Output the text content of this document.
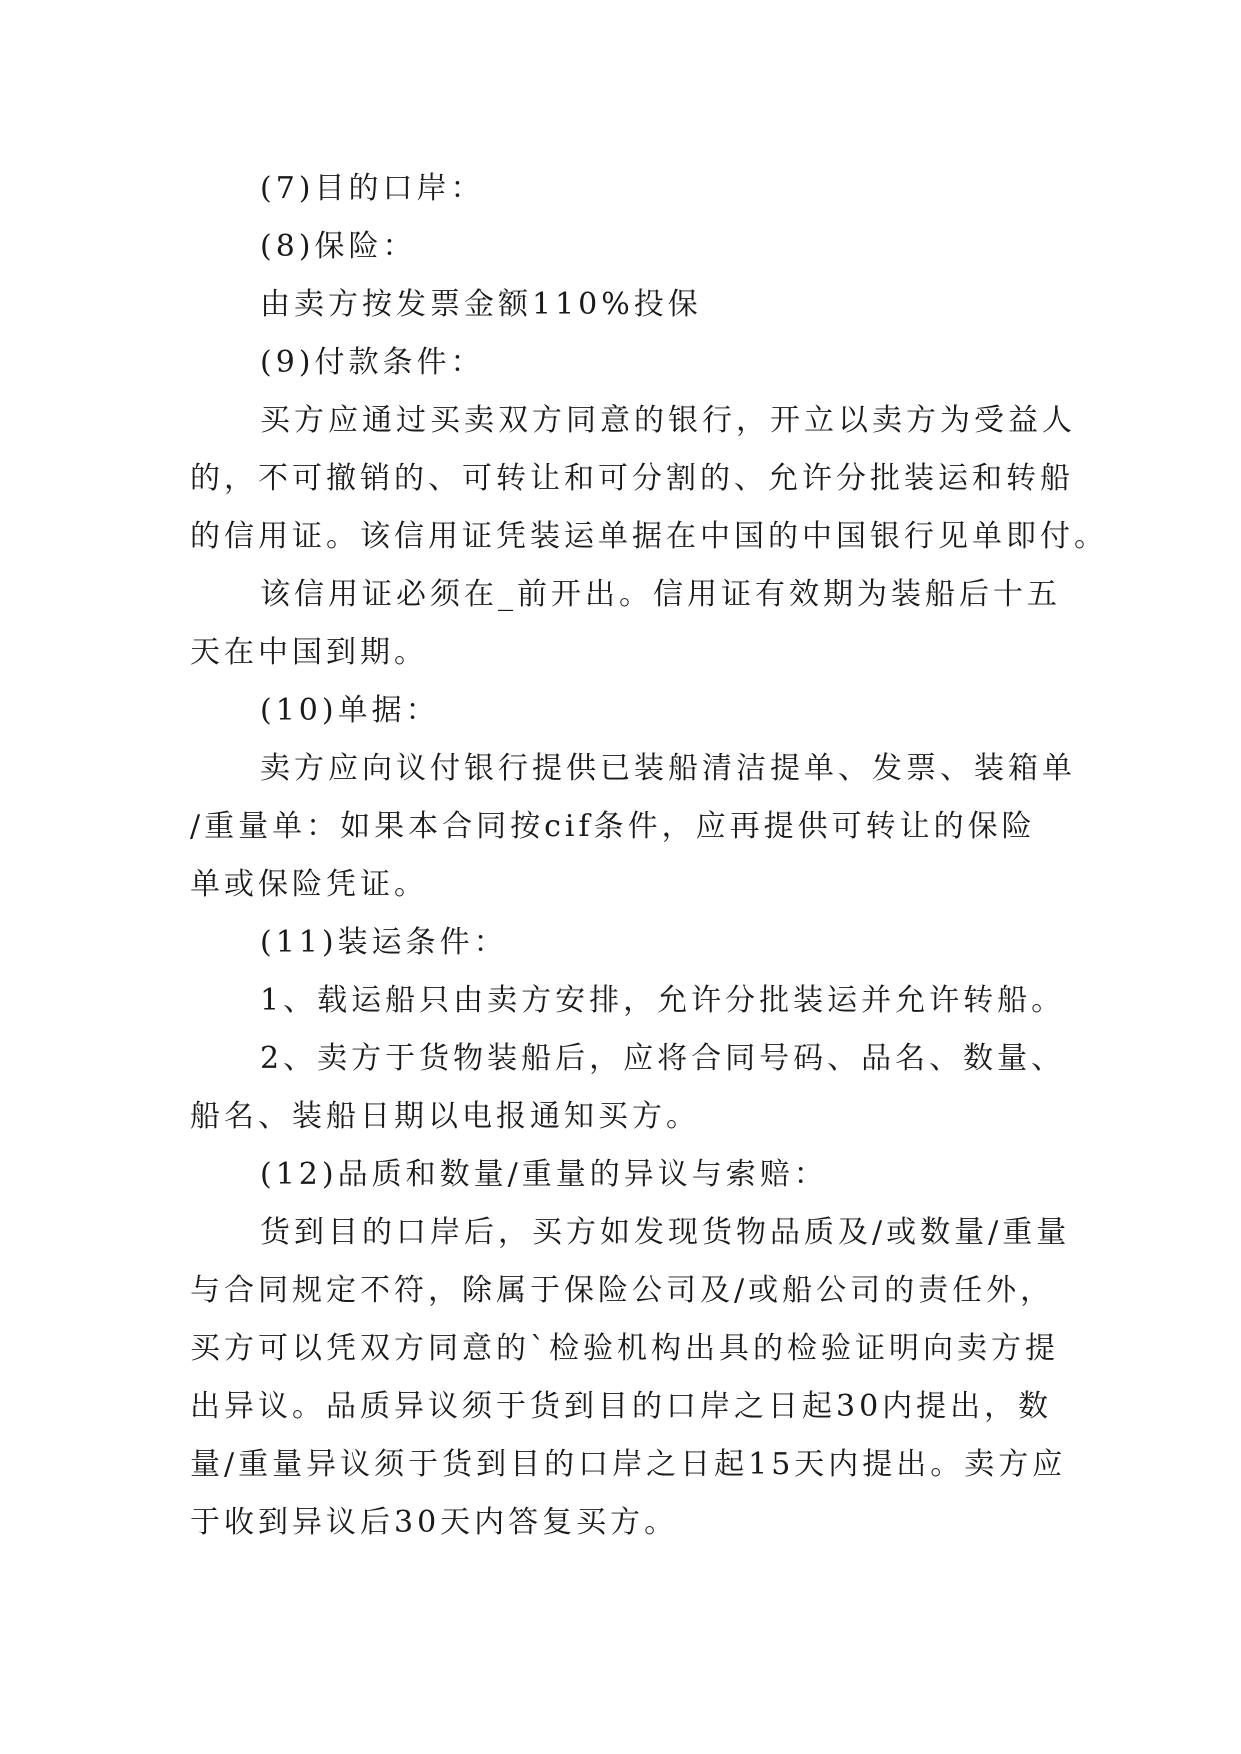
(7)目的口岸：
(8)保险：
由卖方按发票金额110%投保
(9)付款条件：
买方应通过买卖双方同意的银行，开立以卖方为受益人
的，不可撤销的、可转让和可分割的、允许分批装运和转船
的信用证。该信用证凭装运单据在中国的中国银行见单即付。
该信用证必须在_前开出。信用证有效期为装船后十五
天在中国到期。
(10)单据：
卖方应向议付银行提供已装船清洁提单、发票、装箱单
/重量单：如果本合同按cif条件，应再提供可转让的保险
单或保险凭证。
(11)装运条件：
1、载运船只由卖方安排，允许分批装运并允许转船。
2、卖方于货物装船后，应将合同号码、品名、数量、
船名、装船日期以电报通知买方。
(12)品质和数量/重量的异议与索赔：
货到目的口岸后，买方如发现货物品质及/或数量/重量
与合同规定不符，除属于保险公司及/或船公司的责任外，
买方可以凭双方同意的`检验机构出具的检验证明向卖方提
出异议。品质异议须于货到目的口岸之日起30内提出，数
量/重量异议须于货到目的口岸之日起15天内提出。卖方应
于收到异议后30天内答复买方。
